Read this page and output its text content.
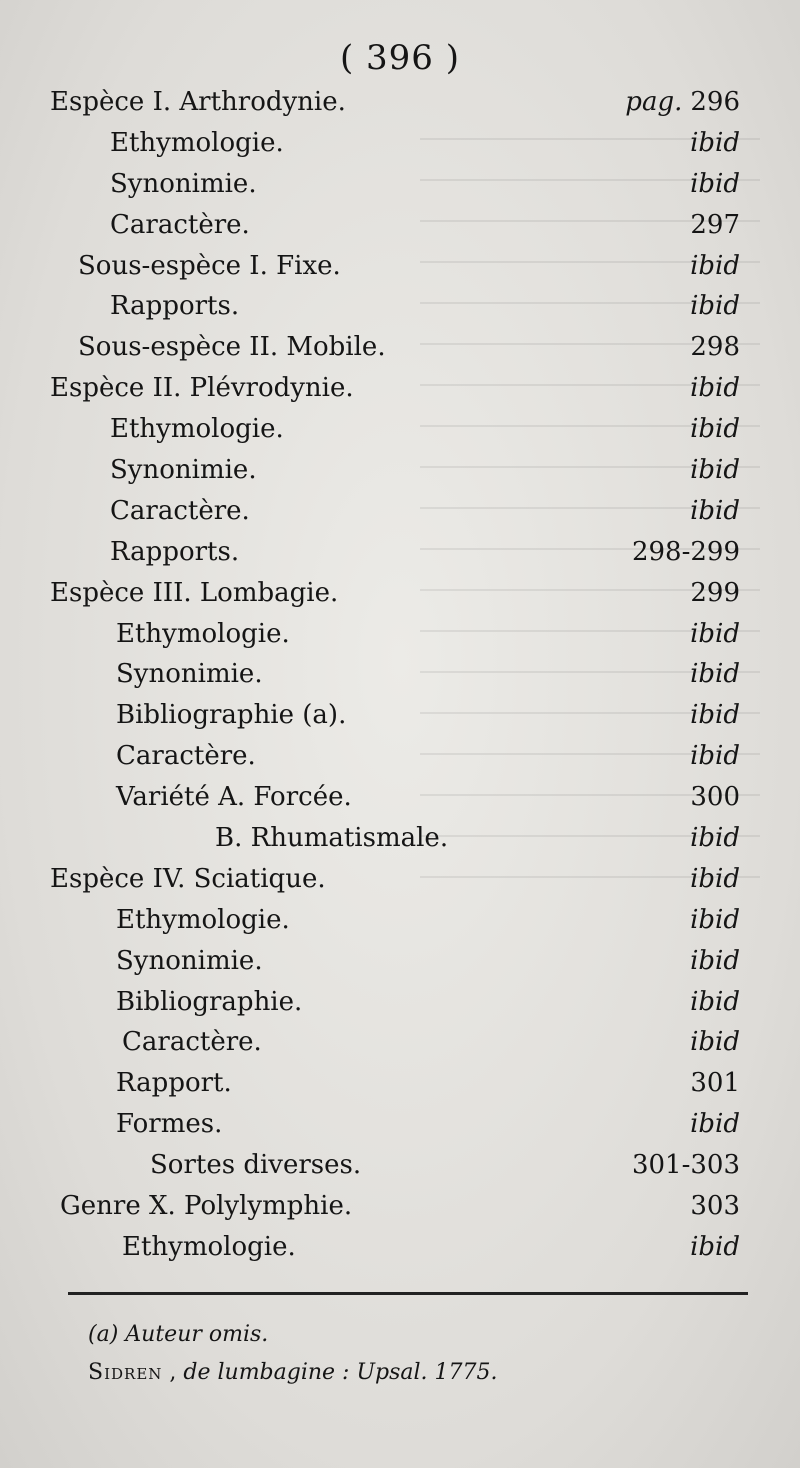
( 396 )
Espèce I. Arthrodynie.	pag. 296
Ethymologie.	ibid
Synonimie.	ibid
Caractère.	297
Sous-espèce I. Fixe.	ibid
Rapports.	ibid
Sous-espèce II. Mobile.	298
Espèce II. Plévrodynie.	ibid
Ethymologie.	ibid
Synonimie.	ibid
Caractère.	ibid
Rapports.	298-299
Espèce III. Lombagie.	299
Ethymologie.	ibid
Synonimie.	ibid
Bibliographie (a).	ibid
Caractère.	ibid
Variété A. Forcée.	300
B. Rhumatismale.	ibid
Espèce IV. Sciatique.	ibid
Ethymologie.	ibid
Synonimie.	ibid
Bibliographie.	ibid
Caractère.	ibid
Rapport.	301
Formes.	ibid
Sortes diverses.	301-303
Genre X. Polylymphie.	303
Ethymologie.	ibid
(a) Auteur omis.
Sidren , de lumbagine : Upsal. 1775.
